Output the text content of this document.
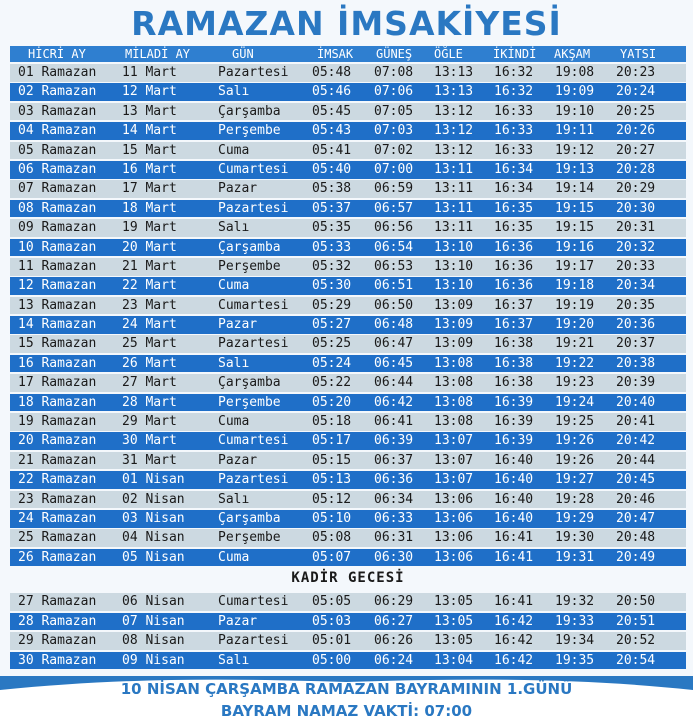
RAMAZAN İMSAKİYESİ
HİCRİ AY	MİLADİ AY	GÜN	İMSAK GÜNEŞ ÖĞLE	İKİNDİ AKŞAM YATSI
01 Ramazan 11 Mart	Pazartesi 05:48 07:08 13:13 16:32 19:08 20:23
02 Ramazan 12 Mart	Salı	05:46 07:06 13:13 16:32 19:09 20:24
03 Ramazan 13 Mart	Çarşamba 05:45 07:05 13:12 16:33 19:10 20:25
04 Ramazan 14 Mart	Perşembe 05:43 07:03 13:12 16:33 19:11 20:26
05 Ramazan 15 Mart	Cuma	05:41 07:02 13:12 16:33 19:12 20:27
06 Ramazan 16 Mart	Cumartesi 05:40 07:00 13:11 16:34 19:13 20:28
07 Ramazan 17 Mart	Pazar	05:38 06:59 13:11 16:34 19:14 20:29
08 Ramazan 18 Mart	Pazartesi 05:37 06:57 13:11 16:35 19:15 20:30
09 Ramazan 19 Mart	Salı	05:35 06:56 13:11 16:35 19:15 20:31
10 Ramazan 20 Mart	Çarşamba 05:33 06:54 13:10 16:36 19:16 20:32
11 Ramazan 21 Mart	Perşembe 05:32 06:53 13:10 16:36 19:17 20:33
12 Ramazan 22 Mart	Cuma	05:30 06:51 13:10 16:36 19:18 20:34
13 Ramazan 23 Mart	Cumartesi 05:29 06:50 13:09 16:37 19:19 20:35
14 Ramazan 24 Mart	Pazar	05:27 06:48 13:09 16:37 19:20 20:36
15 Ramazan 25 Mart	Pazartesi 05:25 06:47 13:09 16:38 19:21 20:37
16 Ramazan 26 Mart	Salı	05:24 06:45 13:08 16:38 19:22 20:38
17 Ramazan 27 Mart	Çarşamba 05:22 06:44 13:08 16:38 19:23 20:39
18 Ramazan 28 Mart	Perşembe 05:20 06:42 13:08 16:39 19:24 20:40
19 Ramazan 29 Mart	Cuma	05:18 06:41 13:08 16:39 19:25 20:41
20 Ramazan 30 Mart	Cumartesi 05:17 06:39 13:07 16:39 19:26 20:42
21 Ramazan 31 Mart	Pazar	05:15 06:37 13:07 16:40 19:26 20:44
22 Ramazan 01 Nisan	Pazartesi 05:13 06:36 13:07 16:40 19:27 20:45
23 Ramazan 02 Nisan	Salı	05:12 06:34 13:06 16:40 19:28 20:46
24 Ramazan 03 Nisan	Çarşamba 05:10 06:33 13:06 16:40 19:29 20:47
25 Ramazan 04 Nisan	Perşembe 05:08 06:31 13:06 16:41 19:30 20:48
26 Ramazan 05 Nisan	Cuma	05:07 06:30 13:06 16:41 19:31 20:49
KADİR GECESİ
27 Ramazan 06 Nisan	Cumartesi 05:05 06:29 13:05 16:41 19:32 20:50
28 Ramazan 07 Nisan	Pazar	05:03 06:27 13:05 16:42 19:33 20:51
29 Ramazan 08 Nisan	Pazartesi 05:01 06:26 13:05 16:42 19:34 20:52
30 Ramazan 09 Nisan	Salı	05:00 06:24 13:04 16:42 19:35 20:54
10 NİSAN ÇARŞAMBA RAMAZAN BAYRAMININ 1.GÜNÜ
BAYRAM NAMAZ VAKTİ: 07:00
